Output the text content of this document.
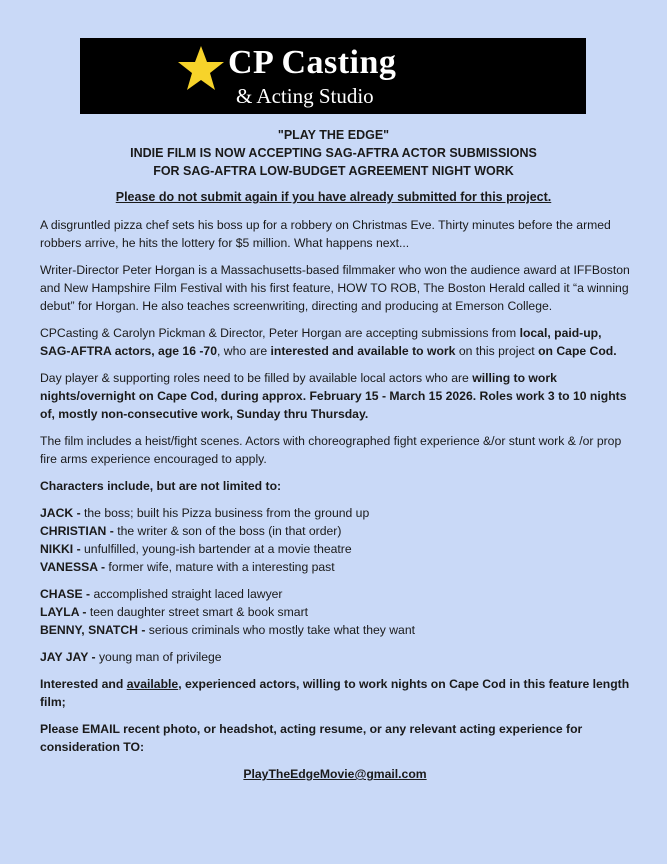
CP Casting
& Acting Studio
"PLAY THE EDGE"
INDIE FILM IS NOW ACCEPTING SAG-AFTRA ACTOR SUBMISSIONS
FOR SAG-AFTRA LOW-BUDGET AGREEMENT NIGHT WORK
Please do not submit again if you have already submitted for this project.

A disgruntled pizza chef sets his boss up for a robbery on Christmas Eve. Thirty minutes before the armed robbers arrive, he hits the lottery for $5 million. What happens next...

Writer-Director Peter Horgan is a Massachusetts-based filmmaker who won the audience award at IFFBoston and New Hampshire Film Festival with his first feature, HOW TO ROB, The Boston Herald called it “a winning debut” for Horgan. He also teaches screenwriting, directing and producing at Emerson College.

CPCasting & Carolyn Pickman & Director, Peter Horgan are accepting submissions from local, paid-up, SAG-AFTRA actors, age 16 -70, who are interested and available to work on this project on Cape Cod.

Day player & supporting roles need to be filled by available local actors who are willing to work nights/overnight on Cape Cod, during approx. February 15 - March 15 2026. Roles work 3 to 10 nights of, mostly non-consecutive work, Sunday thru Thursday.

The film includes a heist/fight scenes. Actors with choreographed fight experience &/or stunt work & /or prop fire arms experience encouraged to apply.

Characters include, but are not limited to:

JACK - the boss; built his Pizza business from the ground up
CHRISTIAN - the writer & son of the boss (in that order)
NIKKI - unfulfilled, young-ish bartender at a movie theatre
VANESSA - former wife, mature with a interesting past
CHASE - accomplished straight laced lawyer
LAYLA - teen daughter street smart & book smart
BENNY, SNATCH - serious criminals who mostly take what they want
JAY JAY - young man of privilege

Interested and available, experienced actors, willing to work nights on Cape Cod in this feature length film;

Please EMAIL recent photo, or headshot, acting resume, or any relevant acting experience for consideration TO:

PlayTheEdgeMovie@gmail.com
